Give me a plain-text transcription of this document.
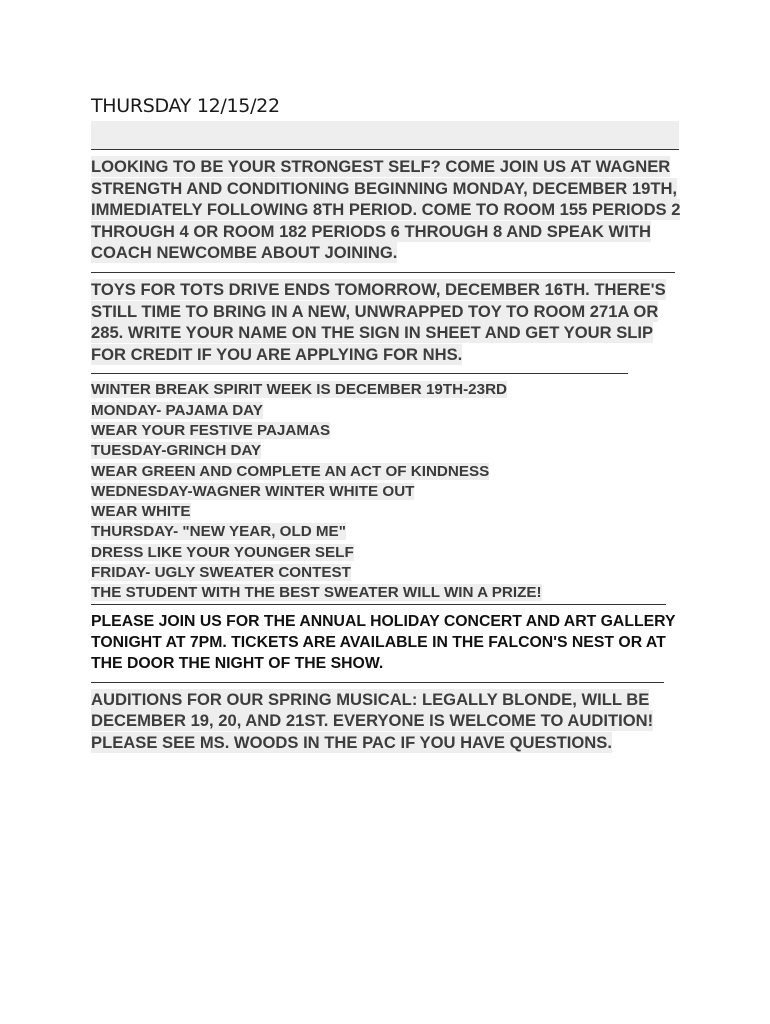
THURSDAY 12/15/22
LOOKING TO BE YOUR STRONGEST SELF? COME JOIN US AT WAGNER STRENGTH AND CONDITIONING BEGINNING MONDAY, DECEMBER 19TH, IMMEDIATELY FOLLOWING 8TH PERIOD. COME TO ROOM 155 PERIODS 2 THROUGH 4 OR ROOM 182 PERIODS 6 THROUGH 8 AND SPEAK WITH COACH NEWCOMBE ABOUT JOINING.
TOYS FOR TOTS DRIVE ENDS TOMORROW, DECEMBER 16TH. THERE'S STILL TIME TO BRING IN A NEW, UNWRAPPED TOY TO ROOM 271A OR 285. WRITE YOUR NAME ON THE SIGN IN SHEET AND GET YOUR SLIP FOR CREDIT IF YOU ARE APPLYING FOR NHS.
WINTER BREAK SPIRIT WEEK IS DECEMBER 19TH-23RD
MONDAY- PAJAMA DAY
WEAR YOUR FESTIVE PAJAMAS
TUESDAY-GRINCH DAY
WEAR GREEN AND COMPLETE AN ACT OF KINDNESS
WEDNESDAY-WAGNER WINTER WHITE OUT
WEAR WHITE
THURSDAY- "NEW YEAR, OLD ME"
DRESS LIKE YOUR YOUNGER SELF
FRIDAY- UGLY SWEATER CONTEST
THE STUDENT WITH THE BEST SWEATER WILL WIN A PRIZE!
PLEASE JOIN US FOR THE ANNUAL HOLIDAY CONCERT AND ART GALLERY TONIGHT AT 7PM. TICKETS ARE AVAILABLE IN THE FALCON'S NEST OR AT THE DOOR THE NIGHT OF THE SHOW.
AUDITIONS FOR OUR SPRING MUSICAL: LEGALLY BLONDE, WILL BE DECEMBER 19, 20, AND 21ST. EVERYONE IS WELCOME TO AUDITION! PLEASE SEE MS. WOODS IN THE PAC IF YOU HAVE QUESTIONS.
